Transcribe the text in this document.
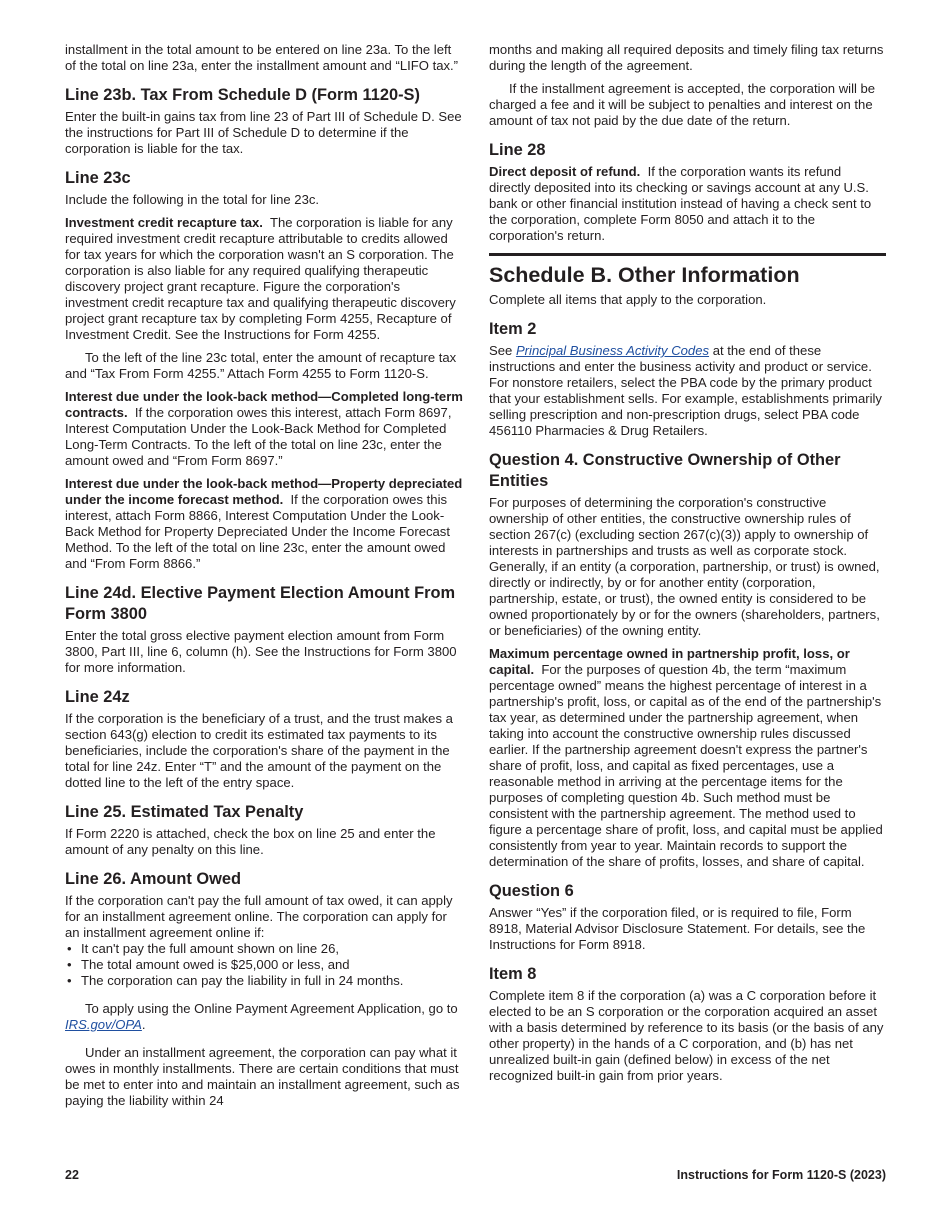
installment in the total amount to be entered on line 23a. To the left of the total on line 23a, enter the installment amount and “LIFO tax.”

Line 23b. Tax From Schedule D (Form 1120-S)

Enter the built-in gains tax from line 23 of Part III of Schedule D. See the instructions for Part III of Schedule D to determine if the corporation is liable for the tax.

Line 23c

Include the following in the total for line 23c.

Investment credit recapture tax. The corporation is liable for any required investment credit recapture attributable to credits allowed for tax years for which the corporation wasn't an S corporation. The corporation is also liable for any required qualifying therapeutic discovery project grant recapture. Figure the corporation's investment credit recapture tax and qualifying therapeutic discovery project grant recapture tax by completing Form 4255, Recapture of Investment Credit. See the Instructions for Form 4255.

To the left of the line 23c total, enter the amount of recapture tax and “Tax From Form 4255.” Attach Form 4255 to Form 1120-S.

Interest due under the look-back method—Completed long-term contracts. If the corporation owes this interest, attach Form 8697, Interest Computation Under the Look-Back Method for Completed Long-Term Contracts. To the left of the total on line 23c, enter the amount owed and “From Form 8697.”

Interest due under the look-back method—Property depreciated under the income forecast method. If the corporation owes this interest, attach Form 8866, Interest Computation Under the Look-Back Method for Property Depreciated Under the Income Forecast Method. To the left of the total on line 23c, enter the amount owed and “From Form 8866.”

Line 24d. Elective Payment Election Amount From Form 3800

Enter the total gross elective payment election amount from Form 3800, Part III, line 6, column (h). See the Instructions for Form 3800 for more information.

Line 24z

If the corporation is the beneficiary of a trust, and the trust makes a section 643(g) election to credit its estimated tax payments to its beneficiaries, include the corporation's share of the payment in the total for line 24z. Enter “T” and the amount of the payment on the dotted line to the left of the entry space.

Line 25. Estimated Tax Penalty

If Form 2220 is attached, check the box on line 25 and enter the amount of any penalty on this line.

Line 26. Amount Owed

If the corporation can't pay the full amount of tax owed, it can apply for an installment agreement online. The corporation can apply for an installment agreement online if:

• It can't pay the full amount shown on line 26,
• The total amount owed is $25,000 or less, and
• The corporation can pay the liability in full in 24 months.

To apply using the Online Payment Agreement Application, go to IRS.gov/OPA.

Under an installment agreement, the corporation can pay what it owes in monthly installments. There are certain conditions that must be met to enter into and maintain an installment agreement, such as paying the liability within 24

months and making all required deposits and timely filing tax returns during the length of the agreement.

If the installment agreement is accepted, the corporation will be charged a fee and it will be subject to penalties and interest on the amount of tax not paid by the due date of the return.

Line 28

Direct deposit of refund. If the corporation wants its refund directly deposited into its checking or savings account at any U.S. bank or other financial institution instead of having a check sent to the corporation, complete Form 8050 and attach it to the corporation's return.

Schedule B. Other Information

Complete all items that apply to the corporation.

Item 2

See Principal Business Activity Codes at the end of these instructions and enter the business activity and product or service. For nonstore retailers, select the PBA code by the primary product that your establishment sells. For example, establishments primarily selling prescription and non-prescription drugs, select PBA code 456110 Pharmacies & Drug Retailers.

Question 4. Constructive Ownership of Other Entities

For purposes of determining the corporation's constructive ownership of other entities, the constructive ownership rules of section 267(c) (excluding section 267(c)(3)) apply to ownership of interests in partnerships and trusts as well as corporate stock. Generally, if an entity (a corporation, partnership, or trust) is owned, directly or indirectly, by or for another entity (corporation, partnership, estate, or trust), the owned entity is considered to be owned proportionately by or for the owners (shareholders, partners, or beneficiaries) of the owning entity.

Maximum percentage owned in partnership profit, loss, or capital. For the purposes of question 4b, the term “maximum percentage owned” means the highest percentage of interest in a partnership's profit, loss, or capital as of the end of the partnership's tax year, as determined under the partnership agreement, when taking into account the constructive ownership rules discussed earlier. If the partnership agreement doesn't express the partner's share of profit, loss, and capital as fixed percentages, use a reasonable method in arriving at the percentage items for the purposes of completing question 4b. Such method must be consistent with the partnership agreement. The method used to figure a percentage share of profit, loss, and capital must be applied consistently from year to year. Maintain records to support the determination of the share of profits, losses, and share of capital.

Question 6

Answer “Yes” if the corporation filed, or is required to file, Form 8918, Material Advisor Disclosure Statement. For details, see the Instructions for Form 8918.

Item 8

Complete item 8 if the corporation (a) was a C corporation before it elected to be an S corporation or the corporation acquired an asset with a basis determined by reference to its basis (or the basis of any other property) in the hands of a C corporation, and (b) has net unrealized built-in gain (defined below) in excess of the net recognized built-in gain from prior years.

22	Instructions for Form 1120-S (2023)
